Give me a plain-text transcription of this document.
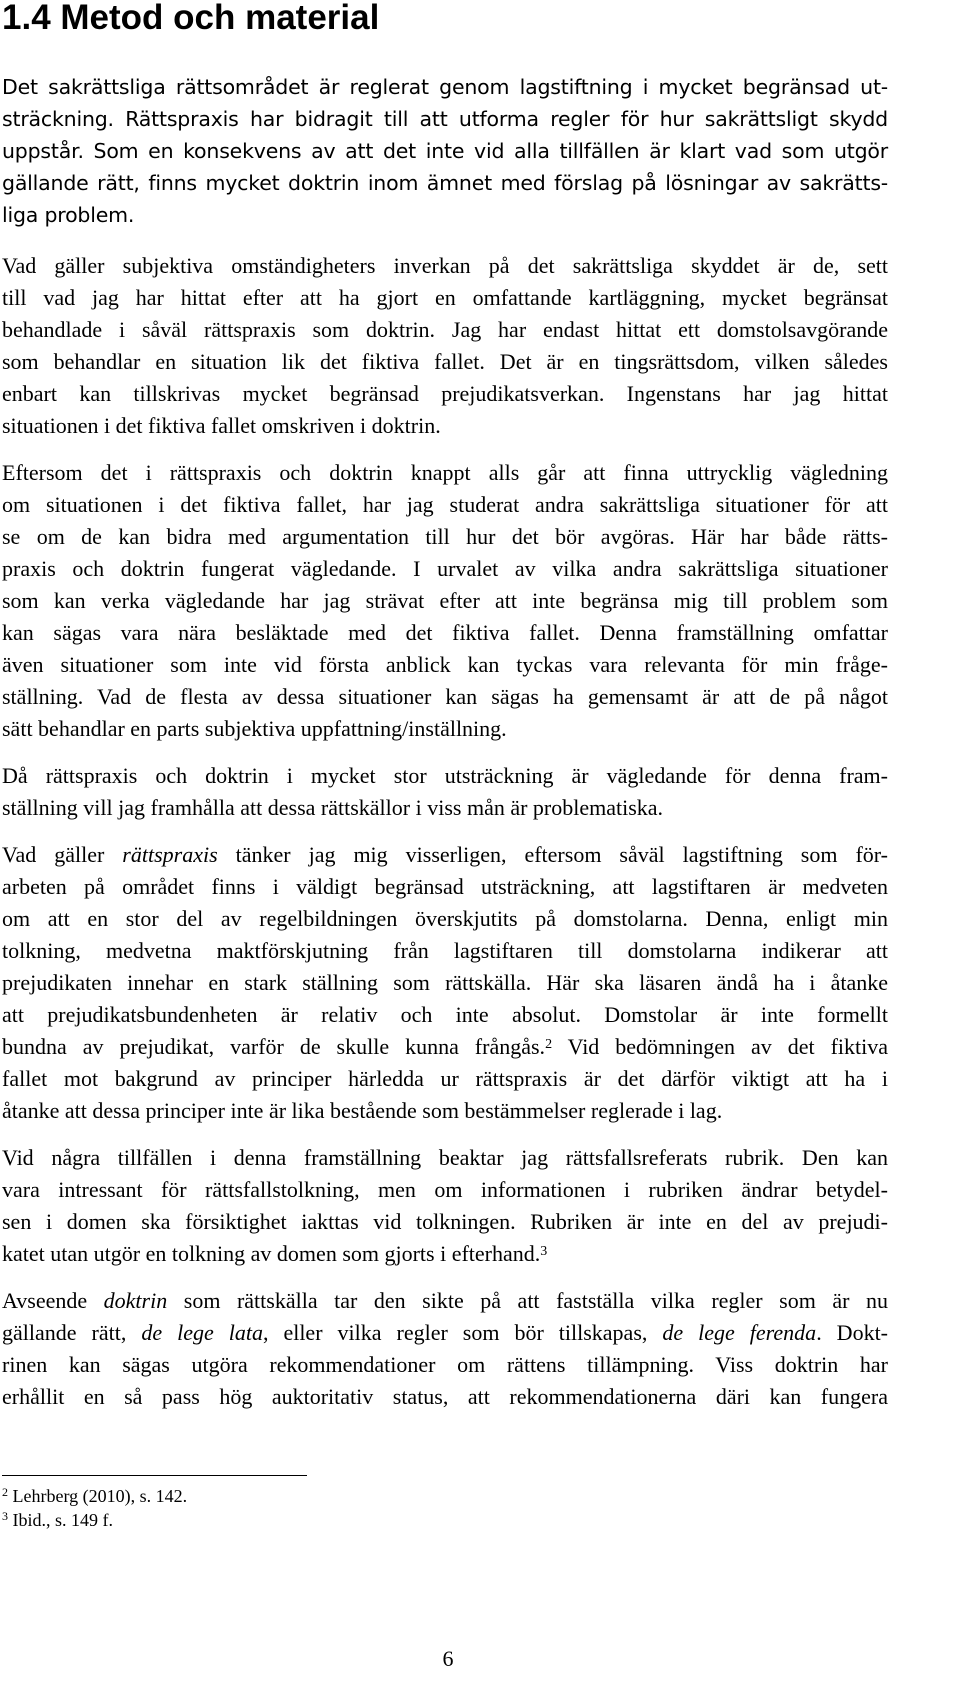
1.4 Metod och material

Det sakrättsliga rättsområdet är reglerat genom lagstiftning i mycket begränsad ut-

sträckning. Rättspraxis har bidragit till att utforma regler för hur sakrättsligt skydd

uppstår. Som en konsekvens av att det inte vid alla tillfällen är klart vad som utgör

gällande rätt, finns mycket doktrin inom ämnet med förslag på lösningar av sakrätts-

liga problem.

Vad gäller subjektiva omständigheters inverkan på det sakrättsliga skyddet är de, sett

till vad jag har hittat efter att ha gjort en omfattande kartläggning, mycket begränsat

behandlade i såväl rättspraxis som doktrin. Jag har endast hittat ett domstolsavgörande

som behandlar en situation lik det fiktiva fallet. Det är en tingsrättsdom, vilken således

enbart kan tillskrivas mycket begränsad prejudikatsverkan. Ingenstans har jag hittat

situationen i det fiktiva fallet omskriven i doktrin.

Eftersom det i rättspraxis och doktrin knappt alls går att finna uttrycklig vägledning

om situationen i det fiktiva fallet, har jag studerat andra sakrättsliga situationer för att

se om de kan bidra med argumentation till hur det bör avgöras. Här har både rätts-

praxis och doktrin fungerat vägledande. I urvalet av vilka andra sakrättsliga situationer

som kan verka vägledande har jag strävat efter att inte begränsa mig till problem som

kan sägas vara nära besläktade med det fiktiva fallet. Denna framställning omfattar

även situationer som inte vid första anblick kan tyckas vara relevanta för min fråge-

ställning. Vad de flesta av dessa situationer kan sägas ha gemensamt är att de på något

sätt behandlar en parts subjektiva uppfattning/inställning.

Då rättspraxis och doktrin i mycket stor utsträckning är vägledande för denna fram-

ställning vill jag framhålla att dessa rättskällor i viss mån är problematiska.

Vad gäller rättspraxis tänker jag mig visserligen, eftersom såväl lagstiftning som för-

arbeten på området finns i väldigt begränsad utsträckning, att lagstiftaren är medveten

om att en stor del av regelbildningen överskjutits på domstolarna. Denna, enligt min

tolkning, medvetna maktförskjutning från lagstiftaren till domstolarna indikerar att

prejudikaten innehar en stark ställning som rättskälla. Här ska läsaren ändå ha i åtanke

att prejudikatsbundenheten är relativ och inte absolut. Domstolar är inte formellt

bundna av prejudikat, varför de skulle kunna frångås.$^2$ Vid bedömningen av det fiktiva

fallet mot bakgrund av principer härledda ur rättspraxis är det därför viktigt att ha i

åtanke att dessa principer inte är lika bestående som bestämmelser reglerade i lag.

Vid några tillfällen i denna framställning beaktar jag rättsfallsreferats rubrik. Den kan

vara intressant för rättsfallstolkning, men om informationen i rubriken ändrar betydel-

sen i domen ska försiktighet iakttas vid tolkningen. Rubriken är inte en del av prejudi-

katet utan utgör en tolkning av domen som gjorts i efterhand.$^3$

Avseende doktrin som rättskälla tar den sikte på att fastställa vilka regler som är nu

gällande rätt, de lege lata, eller vilka regler som bör tillskapas, de lege ferenda. Dokt-

rinen kan sägas utgöra rekommendationer om rättens tillämpning. Viss doktrin har

erhållit en så pass hög auktoritativ status, att rekommendationerna däri kan fungera

$^2$ Lehrberg (2010), s. 142.

$^3$ Ibid., s. 149 f.

6
